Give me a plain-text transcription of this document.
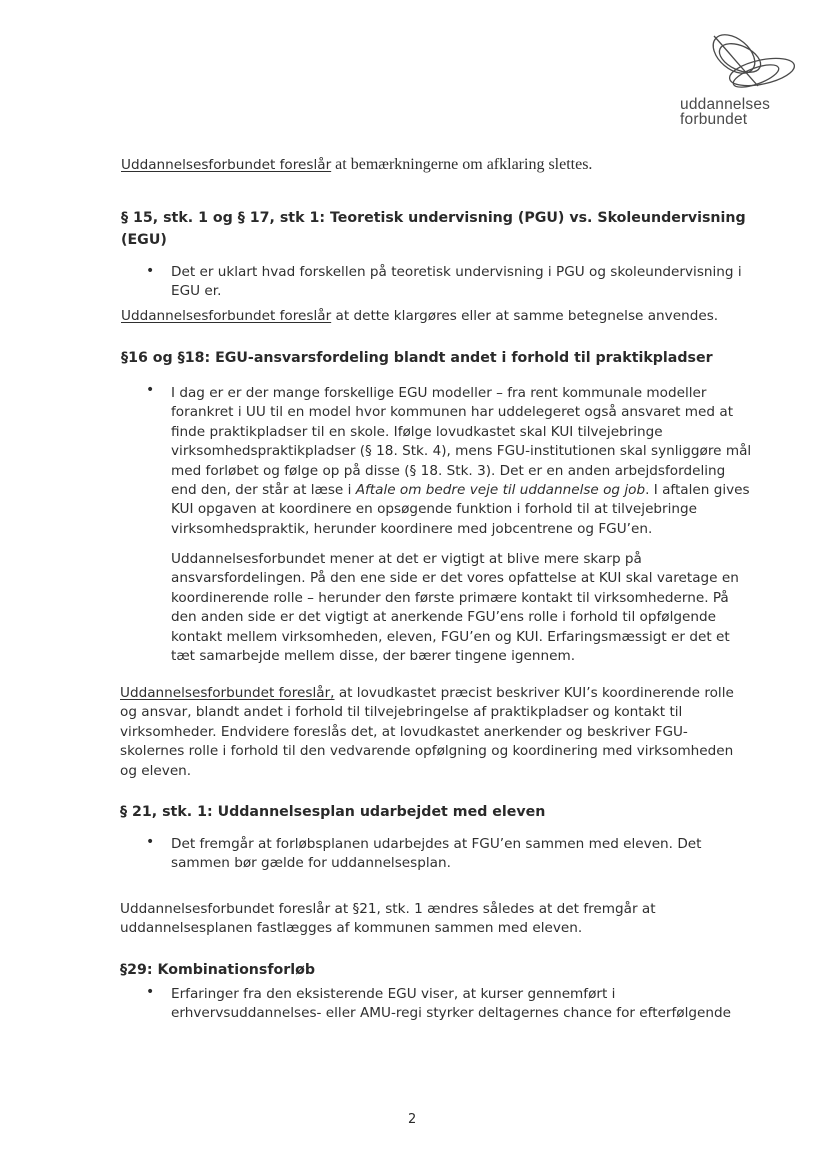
uddannelses
forbundet
Uddannelsesforbundet foreslår at bemærkningerne om afklaring slettes.
§ 15, stk. 1 og § 17, stk 1: Teoretisk undervisning (PGU) vs. Skoleundervisning
(EGU)
• Det er uklart hvad forskellen på teoretisk undervisning i PGU og skoleundervisning i EGU er.
Uddannelsesforbundet foreslår at dette klargøres eller at samme betegnelse anvendes.
§16 og §18: EGU-ansvarsfordeling blandt andet i forhold til praktikpladser
• I dag er er der mange forskellige EGU modeller – fra rent kommunale modeller forankret i UU til en model hvor kommunen har uddelegeret også ansvaret med at finde praktikpladser til en skole. Ifølge lovudkastet skal KUI tilvejebringe virksomhedspraktikpladser (§ 18. Stk. 4), mens FGU-institutionen skal synliggøre mål med forløbet og følge op på disse (§ 18. Stk. 3). Det er en anden arbejdsfordeling end den, der står at læse i Aftale om bedre veje til uddannelse og job. I aftalen gives KUI opgaven at koordinere en opsøgende funktion i forhold til at tilvejebringe virksomhedspraktik, herunder koordinere med jobcentrene og FGU’en.
Uddannelsesforbundet mener at det er vigtigt at blive mere skarp på ansvarsfordelingen. På den ene side er det vores opfattelse at KUI skal varetage en koordinerende rolle – herunder den første primære kontakt til virksomhederne. På den anden side er det vigtigt at anerkende FGU’ens rolle i forhold til opfølgende kontakt mellem virksomheden, eleven, FGU’en og KUI. Erfaringsmæssigt er det et tæt samarbejde mellem disse, der bærer tingene igennem.
Uddannelsesforbundet foreslår, at lovudkastet præcist beskriver KUI’s koordinerende rolle og ansvar, blandt andet i forhold til tilvejebringelse af praktikpladser og kontakt til virksomheder. Endvidere foreslås det, at lovudkastet anerkender og beskriver FGU-skolernes rolle i forhold til den vedvarende opfølgning og koordinering med virksomheden og eleven.
§ 21, stk. 1: Uddannelsesplan udarbejdet med eleven
• Det fremgår at forløbsplanen udarbejdes at FGU’en sammen med eleven. Det sammen bør gælde for uddannelsesplan.
Uddannelsesforbundet foreslår at §21, stk. 1 ændres således at det fremgår at uddannelsesplanen fastlægges af kommunen sammen med eleven.
§29: Kombinationsforløb
• Erfaringer fra den eksisterende EGU viser, at kurser gennemført i erhvervsuddannelses- eller AMU-regi styrker deltagernes chance for efterfølgende
2
